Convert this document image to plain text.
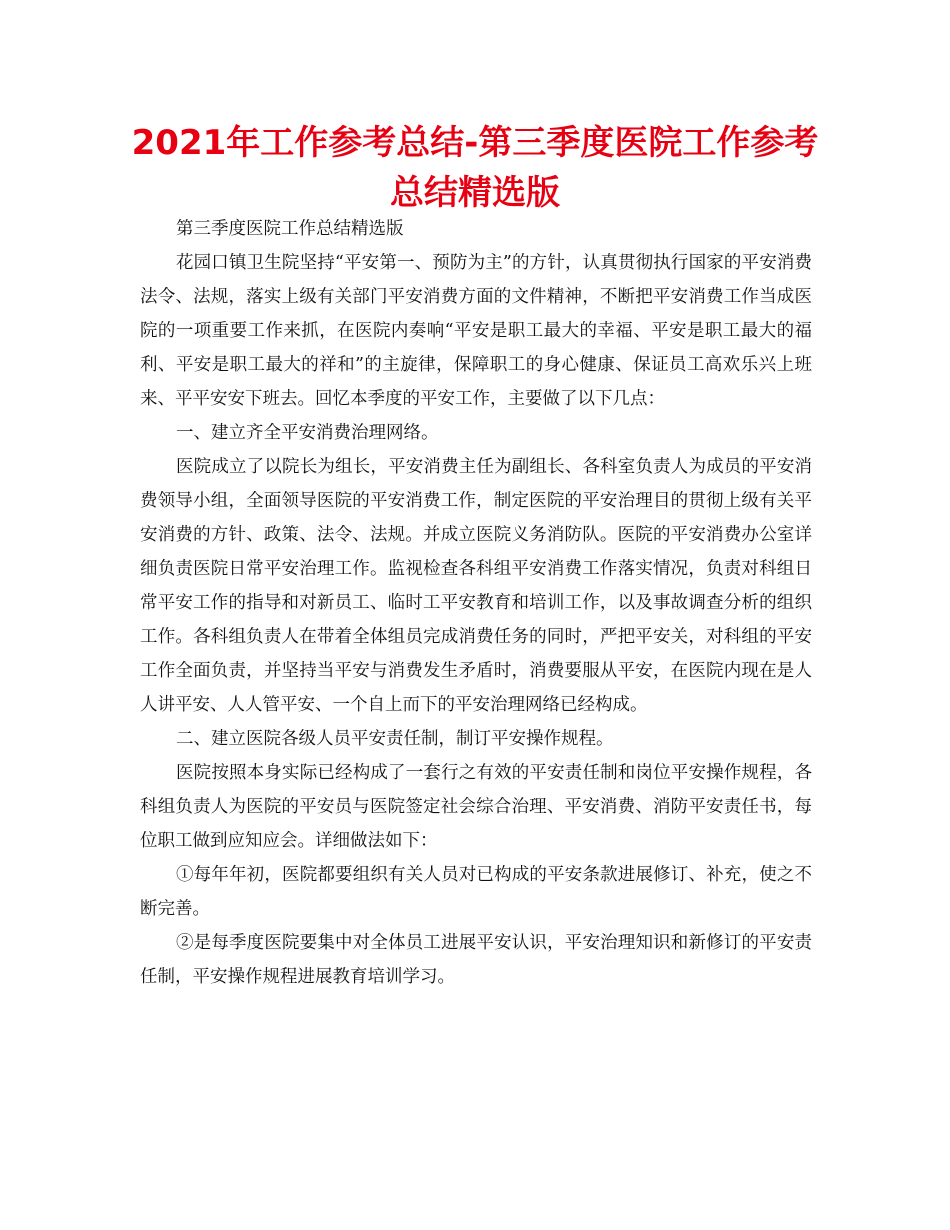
2021年工作参考总结-第三季度医院工作参考总结精选版

第三季度医院工作总结精选版

花园口镇卫生院坚持“平安第一、预防为主”的方针，认真贯彻执行国家的平安消费法令、法规，落实上级有关部门平安消费方面的文件精神，不断把平安消费工作当成医院的一项重要工作来抓，在医院内奏响“平安是职工最大的幸福、平安是职工最大的福利、平安是职工最大的祥和”的主旋律，保障职工的身心健康、保证员工高欢乐兴上班来、平平安安下班去。回忆本季度的平安工作，主要做了以下几点：

一、建立齐全平安消费治理网络。

医院成立了以院长为组长，平安消费主任为副组长、各科室负责人为成员的平安消费领导小组，全面领导医院的平安消费工作，制定医院的平安治理目的贯彻上级有关平安消费的方针、政策、法令、法规。并成立医院义务消防队。医院的平安消费办公室详细负责医院日常平安治理工作。监视检查各科组平安消费工作落实情况，负责对科组日常平安工作的指导和对新员工、临时工平安教育和培训工作，以及事故调查分析的组织工作。各科组负责人在带着全体组员完成消费任务的同时，严把平安关，对科组的平安工作全面负责，并坚持当平安与消费发生矛盾时，消费要服从平安，在医院内现在是人人讲平安、人人管平安、一个自上而下的平安治理网络已经构成。

二、建立医院各级人员平安责任制，制订平安操作规程。

医院按照本身实际已经构成了一套行之有效的平安责任制和岗位平安操作规程，各科组负责人为医院的平安员与医院签定社会综合治理、平安消费、消防平安责任书，每位职工做到应知应会。详细做法如下：

①每年年初，医院都要组织有关人员对已构成的平安条款进展修订、补充，使之不断完善。

②是每季度医院要集中对全体员工进展平安认识，平安治理知识和新修订的平安责任制，平安操作规程进展教育培训学习。
